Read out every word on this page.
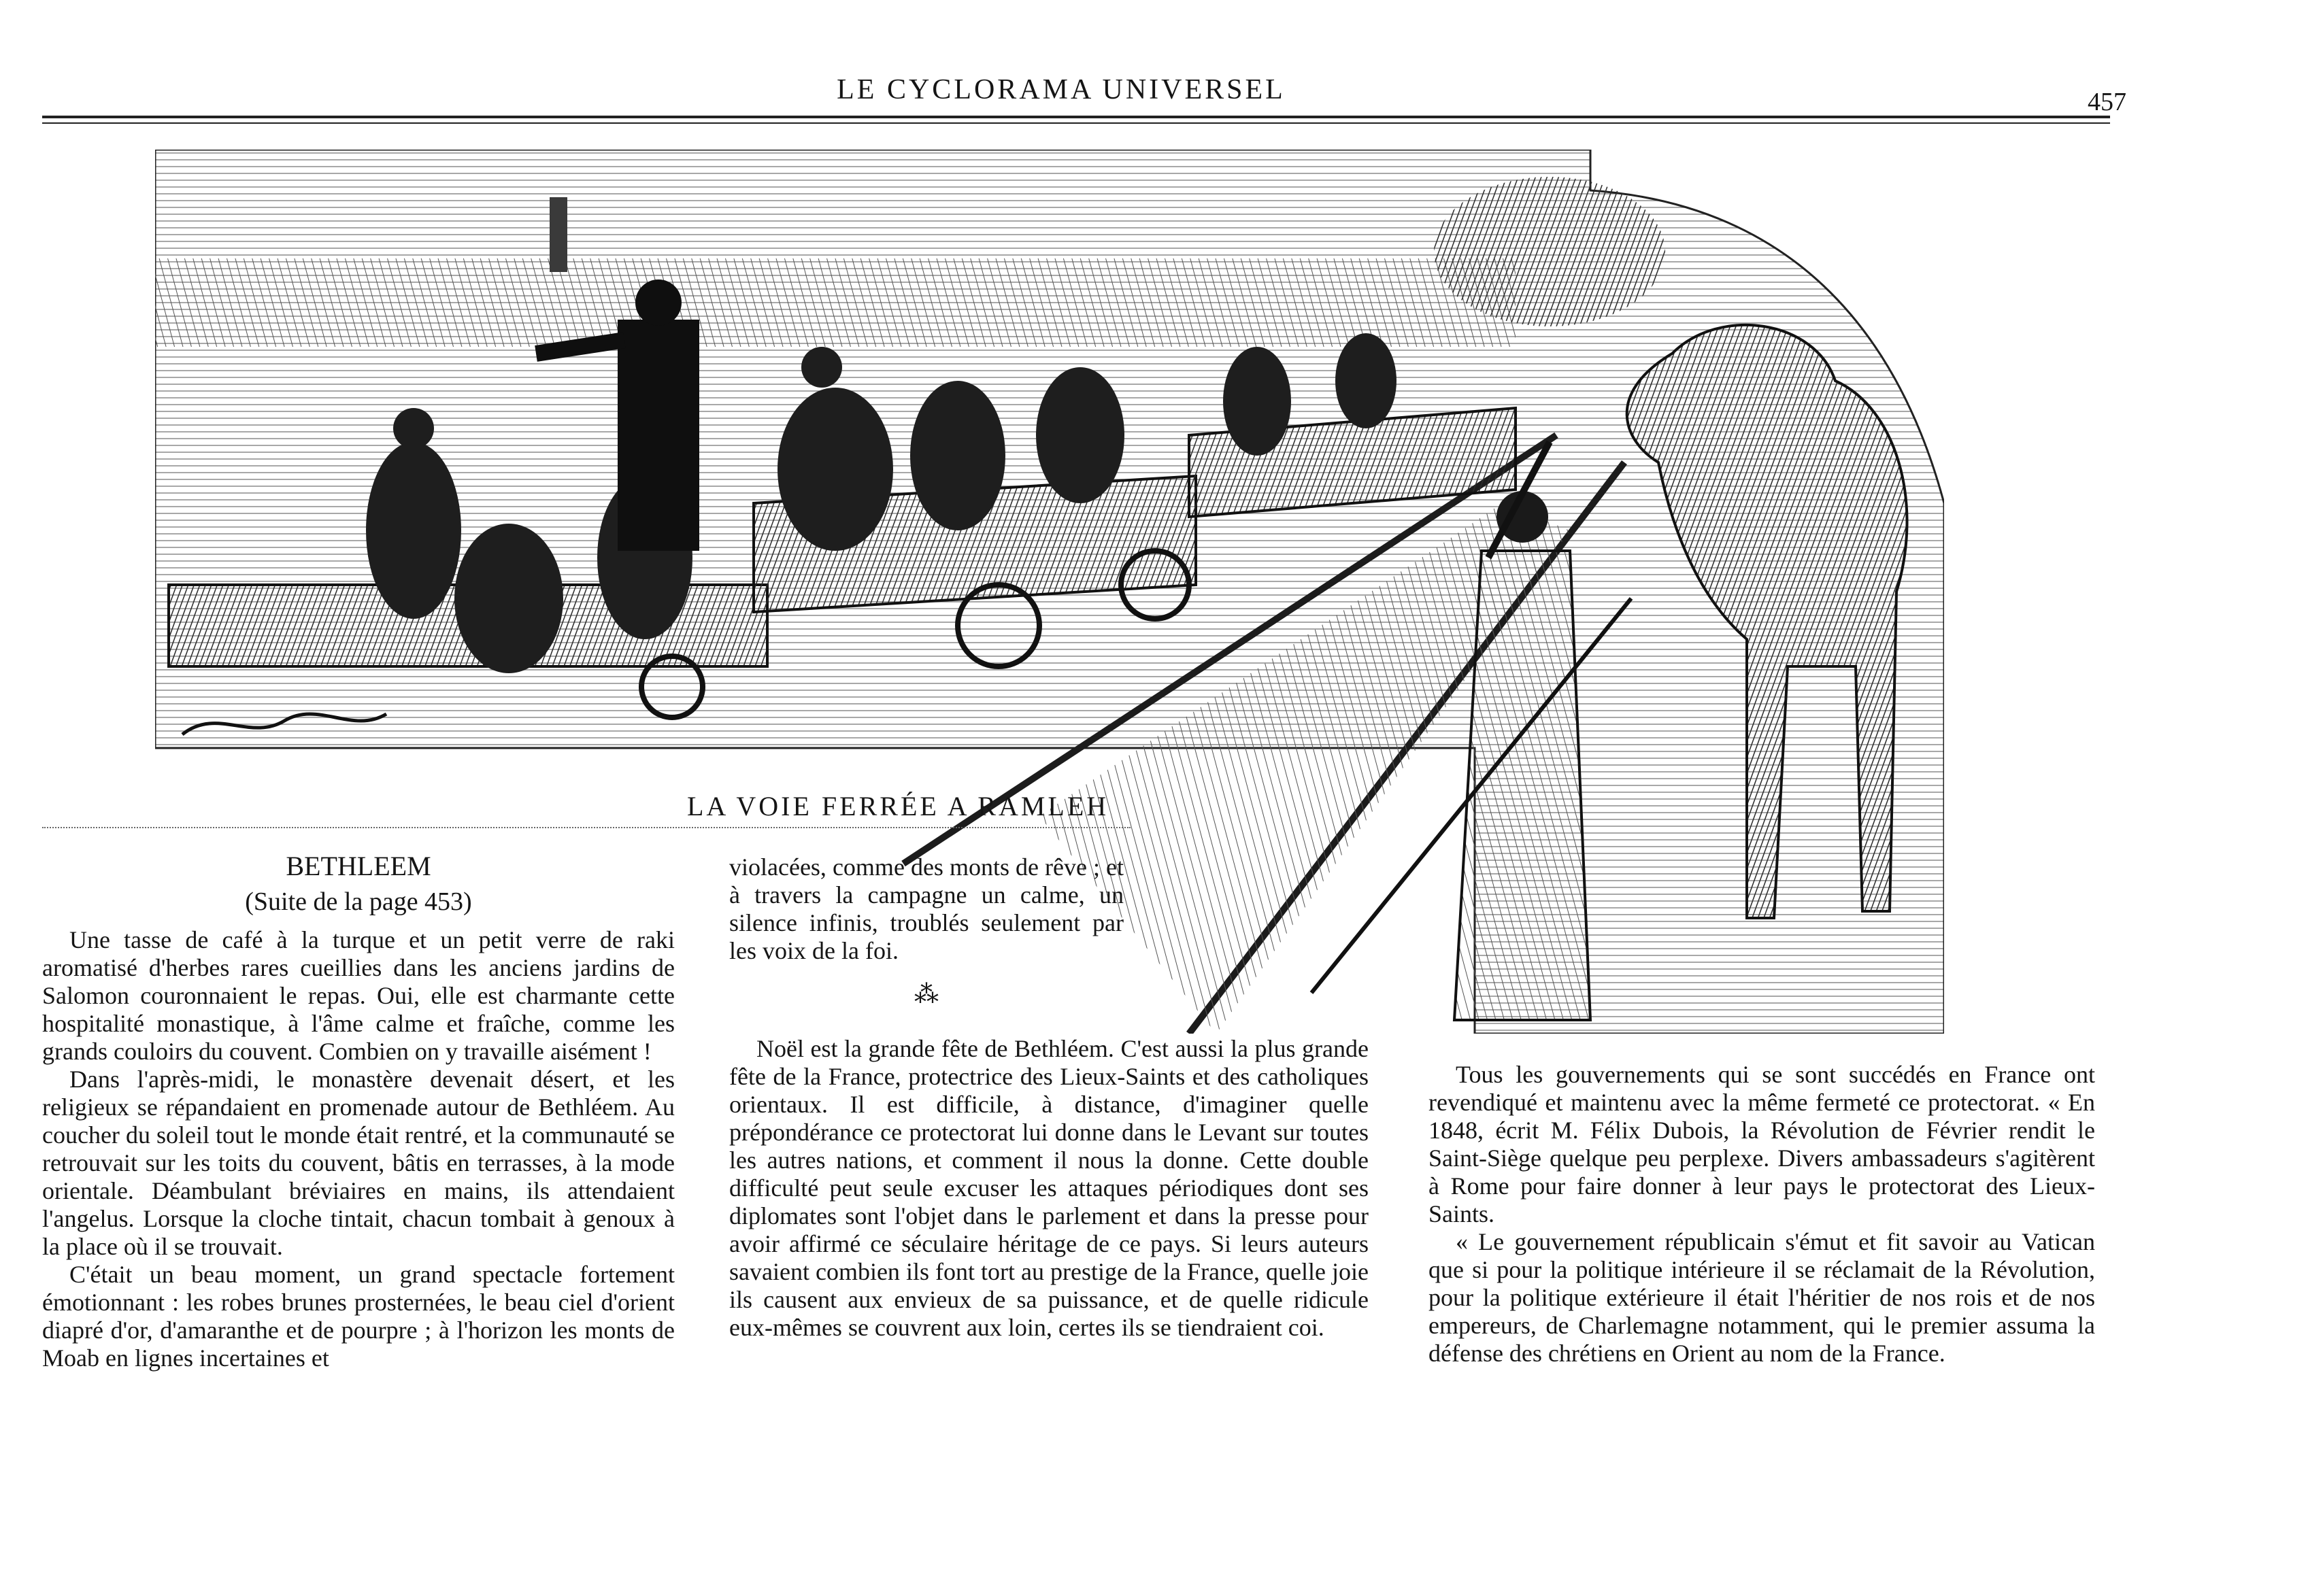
LE CYCLORAMA UNIVERSEL	457
LA VOIE FERRÉE A RAMLEH
BETHLEEM
(Suite de la page 453)

Une tasse de café à la turque et un petit verre de raki aromatisé d'herbes rares cueillies dans les anciens jardins de Salomon couronnaient le repas. Oui, elle est charmante cette hospitalité monastique, à l'âme calme et fraîche, comme les grands couloirs du couvent. Combien on y travaille aisément !

Dans l'après-midi, le monastère devenait désert, et les religieux se répandaient en promenade autour de Bethléem. Au coucher du soleil tout le monde était rentré, et la communauté se retrouvait sur les toits du couvent, bâtis en terrasses, à la mode orientale. Déambulant bréviaires en mains, ils attendaient l'angelus. Lorsque la cloche tintait, chacun tombait à genoux à la place où il se trouvait.

C'était un beau moment, un grand spectacle fortement émotionnant : les robes brunes prosternées, le beau ciel d'orient diapré d'or, d'amaranthe et de pourpre ; à l'horizon les monts de Moab en lignes incertaines et

violacées, comme des monts de rêve ; et à travers la campagne un calme, un silence infinis, troublés seulement par les voix de la foi.

⁂

Noël est la grande fête de Bethléem. C'est aussi la plus grande fête de la France, protectrice des Lieux-Saints et des catholiques orientaux. Il est difficile, à distance, d'imaginer quelle prépondérance ce protectorat lui donne dans le Levant sur toutes les autres nations, et comment il nous la donne. Cette double difficulté peut seule excuser les attaques périodiques dont ses diplomates sont l'objet dans le parlement et dans la presse pour avoir affirmé ce séculaire héritage de ce pays. Si leurs auteurs savaient combien ils font tort au prestige de la France, quelle joie ils causent aux envieux de sa puissance, et de quelle ridicule eux-mêmes se couvrent aux loin, certes ils se tiendraient coi.

Tous les gouvernements qui se sont succédés en France ont revendiqué et maintenu avec la même fermeté ce protectorat. « En 1848, écrit M. Félix Dubois, la Révolution de Février rendit le Saint-Siège quelque peu perplexe. Divers ambassadeurs s'agitèrent à Rome pour faire donner à leur pays le protectorat des Lieux-Saints.

« Le gouvernement républicain s'émut et fit savoir au Vatican que si pour la politique intérieure il se réclamait de la Révolution, pour la politique extérieure il était l'héritier de nos rois et de nos empereurs, de Charlemagne notamment, qui le premier assuma la défense des chrétiens en Orient au nom de la France.
